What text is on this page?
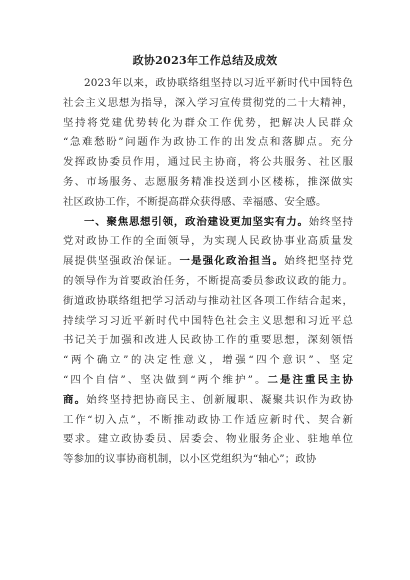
政协2023年工作总结及成效
2023年以来，政协联络组坚持以习近平新时代中国特色
社会主义思想为指导，深入学习宣传贯彻党的二十大精神，
坚持将党建优势转化为群众工作优势，把解决人民群众
“急难愁盼”问题作为政协工作的出发点和落脚点。充分
发挥政协委员作用，通过民主协商，将公共服务、社区服
务、市场服务、志愿服务精准投送到小区楼栋，推深做实
社区政协工作，不断提高群众获得感、幸福感、安全感。
一、聚焦思想引领，政治建设更加坚实有力。始终坚持
党对政协工作的全面领导，为实现人民政协事业高质量发
展提供坚强政治保证。一是强化政治担当。始终把坚持党
的领导作为首要政治任务，不断提高委员参政议政的能力。
街道政协联络组把学习活动与推动社区各项工作结合起来，
持续学习习近平新时代中国特色社会主义思想和习近平总
书记关于加强和改进人民政协工作的重要思想，深刻领悟
“两个确立”的决定性意义，增强“四个意识”、坚定
“四个自信”、坚决做到“两个维护”。二是注重民主协
商。始终坚持把协商民主、创新履职、凝聚共识作为政协
工作“切入点”，不断推动政协工作适应新时代、契合新
要求。建立政协委员、居委会、物业服务企业、驻地单位
等参加的议事协商机制，以小区党组织为“轴心”；政协
